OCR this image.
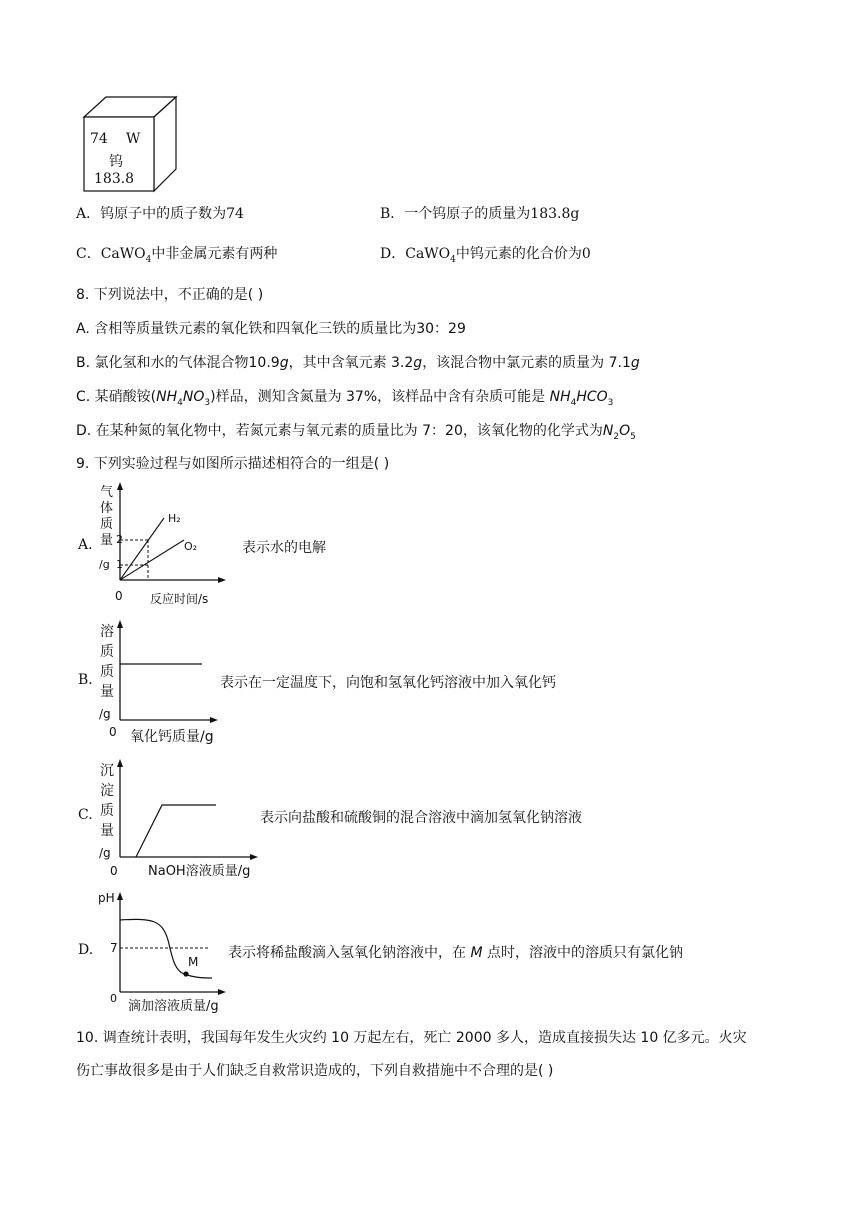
74 W
钨
183.8
A．钨原子中的质子数为74	B．一个钨原子的质量为183.8g
C．CaWO$_4$中非金属元素有两种	D．CaWO$_4$中钨元素的化合价为0
8. 下列说法中，不正确的是( )
A. 含相等质量铁元素的氧化铁和四氧化三铁的质量比为30：29
B. 氯化氢和水的气体混合物10.9g，其中含氧元素 3.2g，该混合物中氯元素的质量为 7.1g
C. 某硝酸铵$(NH_4NO_3)$样品，测知含氮量为 37%，该样品中含有杂质可能是 $NH_4HCO_3$
D. 在某种氮的氧化物中，若氮元素与氧元素的质量比为 7：20，该氧化物的化学式为$N_2O_5$
9. 下列实验过程与如图所示描述相符合的一组是( )
A.
气
体
质
量
/g
2
1
H₂
O₂
0 反应时间/s
表示水的电解
B.
溶
质
质
量
/g
0 氧化钙质量/g
表示在一定温度下，向饱和氢氧化钙溶液中加入氧化钙
C.
沉
淀
质
量
/g
0 NaOH溶液质量/g
表示向盐酸和硫酸铜的混合溶液中滴加氢氧化钠溶液
D.
pH
7
M
0
滴加溶液质量/g
表示将稀盐酸滴入氢氧化钠溶液中，在 M 点时，溶液中的溶质只有氯化钠
10. 调查统计表明，我国每年发生火灾约 10 万起左右，死亡 2000 多人，造成直接损失达 10 亿多元。火灾
伤亡事故很多是由于人们缺乏自救常识造成的，下列自救措施中不合理的是( )
